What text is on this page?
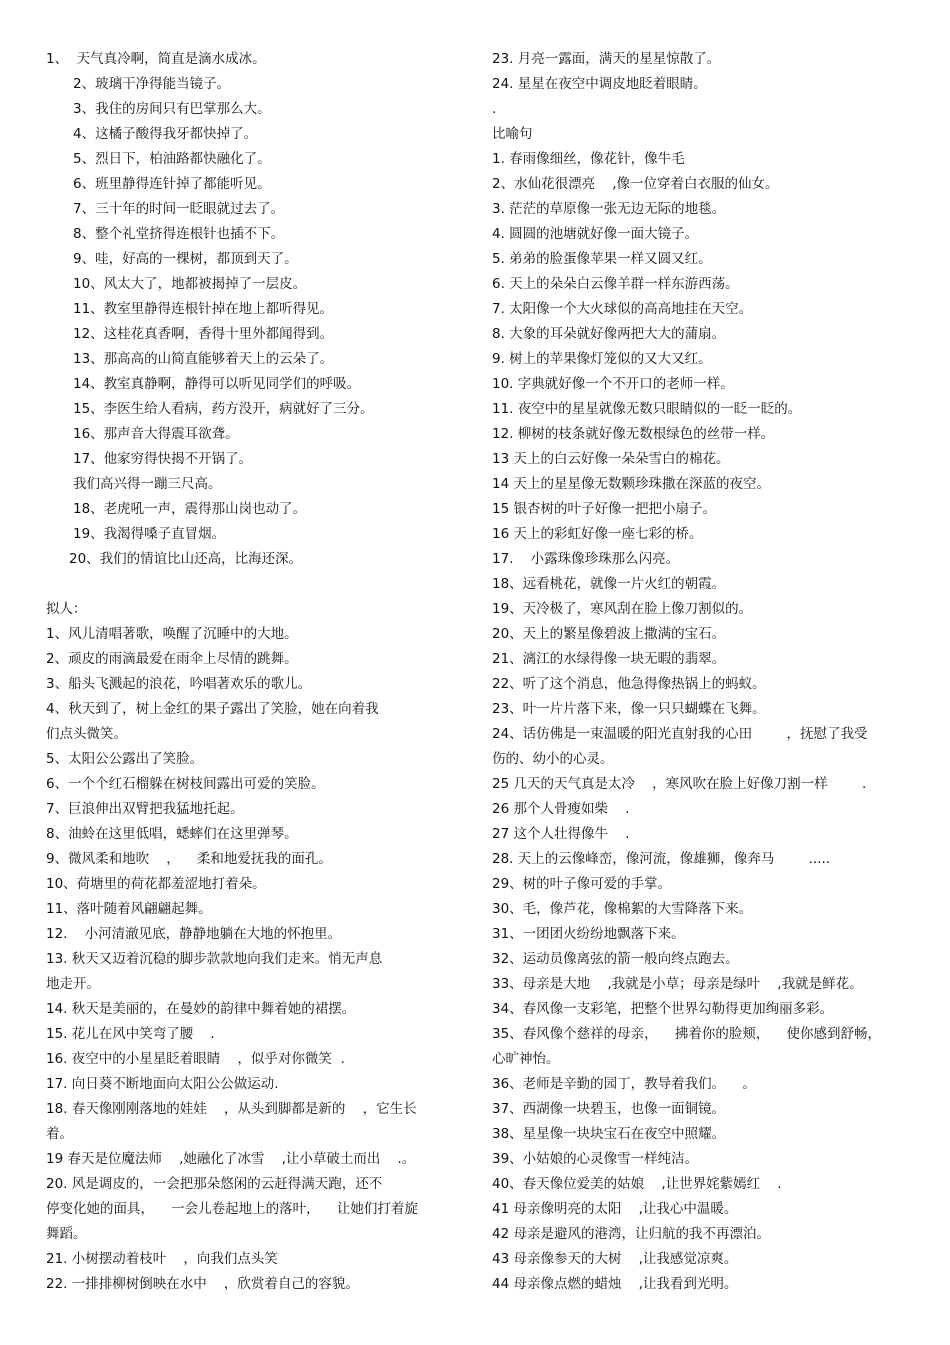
1、  天气真冷啊，简直是滴水成冰。
2、玻璃干净得能当镜子。
3、我住的房间只有巴掌那么大。
4、这橘子酸得我牙都快掉了。
5、烈日下，柏油路都快融化了。
6、班里静得连针掉了都能听见。
7、三十年的时间一眨眼就过去了。
8、整个礼堂挤得连根针也插不下。
9、哇，好高的一棵树，都顶到天了。
10、风太大了，地都被揭掉了一层皮。
11、教室里静得连根针掉在地上都听得见。
12、这桂花真香啊，香得十里外都闻得到。
13、那高高的山简直能够着天上的云朵了。
14、教室真静啊，静得可以听见同学们的呼吸。
15、李医生给人看病，药方没开，病就好了三分。
16、那声音大得震耳欲聋。
17、他家穷得快揭不开锅了。
我们高兴得一蹦三尺高。
18、老虎吼一声，震得那山岗也动了。
19、我渴得嗓子直冒烟。
20、我们的情谊比山还高，比海还深。
拟人：
1、风儿清唱著歌，唤醒了沉睡中的大地。
2、顽皮的雨滴最爱在雨伞上尽情的跳舞。
3、船头飞溅起的浪花，吟唱著欢乐的歌儿。
4、秋天到了，树上金红的果子露出了笑脸，她在向着我
们点头微笑。
5、太阳公公露出了笑脸。
6、一个个红石榴躲在树枝间露出可爱的笑脸。
7、巨浪伸出双臂把我猛地托起。
8、油蛉在这里低唱，蟋蟀们在这里弹琴。
9、微风柔和地吹    ，    柔和地爱抚我的面孔。
10、荷塘里的荷花都羞涩地打着朵。
11、落叶随着风翩翩起舞。
12.    小河清澈见底，静静地躺在大地的怀抱里。
13. 秋天又迈着沉稳的脚步款款地向我们走来。悄无声息
地走开。
14. 秋天是美丽的，在曼妙的韵律中舞着她的裙摆。
15. 花儿在风中笑弯了腰    .
16. 夜空中的小星星眨着眼睛    ，似乎对你微笑  .
17. 向日葵不断地面向太阳公公做运动.
18. 春天像刚刚落地的娃娃    ，从头到脚都是新的    ，它生长
着。
19 春天是位魔法师    ,她融化了冰雪    ,让小草破土而出    .。
20. 风是调皮的，一会把那朵悠闲的云赶得满天跑，还不
停变化她的面具，    一会儿卷起地上的落叶，    让她们打着旋
舞蹈。
21. 小树摆动着枝叶    ，向我们点头笑
22. 一排排柳树倒映在水中    ，欣赏着自己的容貌。
23. 月亮一露面，满天的星星惊散了。
24. 星星在夜空中调皮地眨着眼睛。
.
比喻句
1. 春雨像细丝，像花针，像牛毛
2、水仙花很漂亮    ,像一位穿着白衣服的仙女。
3. 茫茫的草原像一张无边无际的地毯。
4. 圆圆的池塘就好像一面大镜子。
5. 弟弟的脸蛋像苹果一样又圆又红。
6. 天上的朵朵白云像羊群一样东游西荡。
7. 太阳像一个大火球似的高高地挂在天空。
8. 大象的耳朵就好像两把大大的蒲扇。
9. 树上的苹果像灯笼似的又大又红。
10. 字典就好像一个不开口的老师一样。
11. 夜空中的星星就像无数只眼睛似的一眨一眨的。
12. 柳树的枝条就好像无数根绿色的丝带一样。
13 天上的白云好像一朵朵雪白的棉花。
14 天上的星星像无数颗珍珠撒在深蓝的夜空。
15 银杏树的叶子好像一把把小扇子。
16 天上的彩虹好像一座七彩的桥。
17.    小露珠像珍珠那么闪亮。
18、远看桃花，就像一片火红的朝霞。
19、天冷极了，寒风刮在脸上像刀割似的。
20、天上的繁星像碧波上撒满的宝石。
21、漓江的水绿得像一块无暇的翡翠。
22、听了这个消息，他急得像热锅上的蚂蚁。
23、叶一片片落下来，像一只只蝴蝶在飞舞。
24、话仿佛是一束温暖的阳光直射我的心田        ，抚慰了我受
伤的、幼小的心灵。
25 几天的天气真是太冷    ，寒风吹在脸上好像刀割一样        .
26 那个人骨瘦如柴    .
27 这个人壮得像牛    .
28. 天上的云像峰峦，像河流，像雄狮，像奔马        .....
29、树的叶子像可爱的手掌。
30、毛，像芦花，像棉絮的大雪降落下来。
31、一团团火纷纷地飘落下来。
32、运动员像离弦的箭一般向终点跑去。
33、母亲是大地    ,我就是小草；母亲是绿叶    ,我就是鲜花。
34、春风像一支彩笔，把整个世界勾勒得更加绚丽多彩。
35、春风像个慈祥的母亲，    拂着你的脸颊，    使你感到舒畅，
心旷神怡。
36、老师是辛勤的园丁，教导着我们。    。
37、西湖像一块碧玉，也像一面铜镜。
38、星星像一块块宝石在夜空中照耀。
39、小姑娘的心灵像雪一样纯洁。
40、春天像位爱美的姑娘    ,让世界姹紫嫣红    .
41 母亲像明亮的太阳    ,让我心中温暖。
42 母亲是避风的港湾，让归航的我不再漂泊。
43 母亲像参天的大树    ,让我感觉凉爽。
44 母亲像点燃的蜡烛    ,让我看到光明。
